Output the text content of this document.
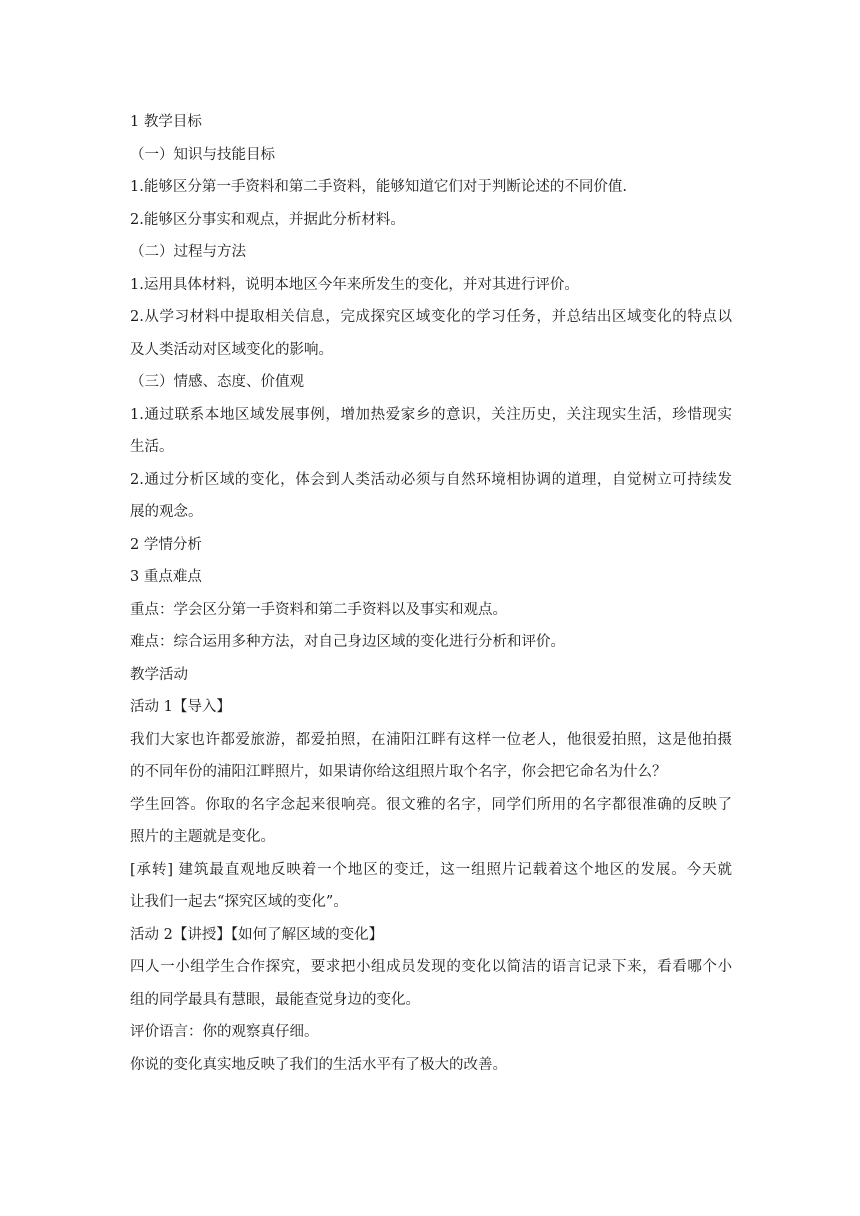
1 教学目标
（一）知识与技能目标
1.能够区分第一手资料和第二手资料，能够知道它们对于判断论述的不同价值.
2.能够区分事实和观点，并据此分析材料。
（二）过程与方法
1.运用具体材料，说明本地区今年来所发生的变化，并对其进行评价。
2.从学习材料中提取相关信息，完成探究区域变化的学习任务，并总结出区域变化的特点以
及人类活动对区域变化的影响。
（三）情感、态度、价值观
1.通过联系本地区域发展事例，增加热爱家乡的意识，关注历史，关注现实生活，珍惜现实
生活。
2.通过分析区域的变化，体会到人类活动必须与自然环境相协调的道理，自觉树立可持续发
展的观念。
2 学情分析
3 重点难点
重点：学会区分第一手资料和第二手资料以及事实和观点。
难点：综合运用多种方法，对自己身边区域的变化进行分析和评价。
教学活动
活动 1【导入】
我们大家也许都爱旅游，都爱拍照，在浦阳江畔有这样一位老人，他很爱拍照，这是他拍摄
的不同年份的浦阳江畔照片，如果请你给这组照片取个名字，你会把它命名为什么？
学生回答。你取的名字念起来很响亮。很文雅的名字，同学们所用的名字都很准确的反映了
照片的主题就是变化。
[承转] 建筑最直观地反映着一个地区的变迁，这一组照片记载着这个地区的发展。今天就
让我们一起去“探究区域的变化”。
活动 2【讲授】【如何了解区域的变化】
四人一小组学生合作探究，要求把小组成员发现的变化以简洁的语言记录下来，看看哪个小
组的同学最具有慧眼，最能查觉身边的变化。
评价语言：你的观察真仔细。
你说的变化真实地反映了我们的生活水平有了极大的改善。
